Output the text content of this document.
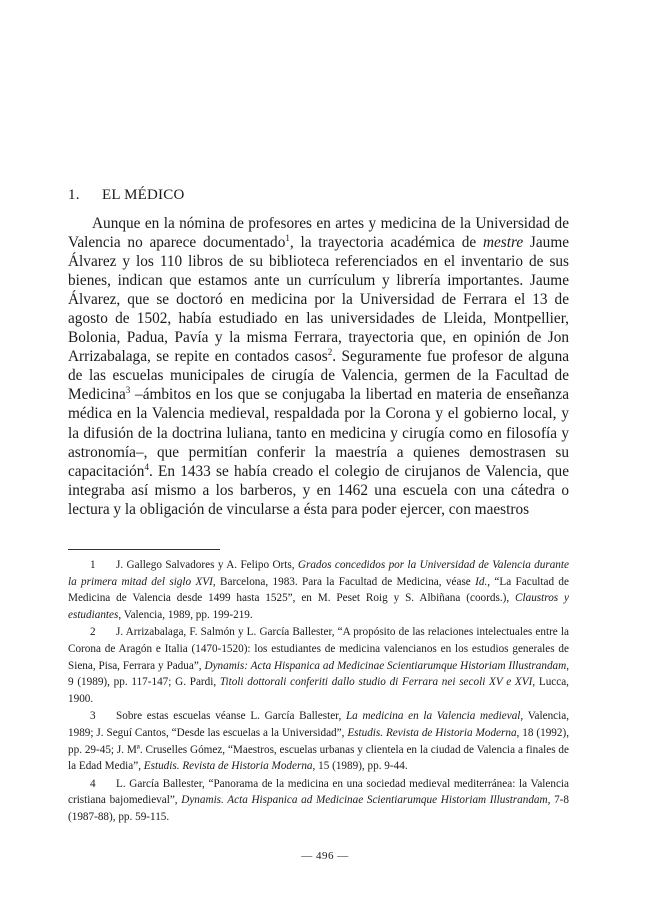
1. EL MÉDICO

Aunque en la nómina de profesores en artes y medicina de la Universidad de Valencia no aparece documentado$^1$, la trayectoria académica de mestre Jaume Álvarez y los 110 libros de su biblioteca referenciados en el inventario de sus bienes, indican que estamos ante un currículum y librería importantes. Jaume Álvarez, que se doctoró en medicina por la Universidad de Ferrara el 13 de agosto de 1502, había estudiado en las universidades de Lleida, Montpellier, Bolonia, Padua, Pavía y la misma Ferrara, trayectoria que, en opinión de Jon Arrizabalaga, se repite en contados casos$^2$. Seguramente fue profesor de alguna de las escuelas municipales de cirugía de Valencia, germen de la Facultad de Medicina$^3$ –ámbitos en los que se conjugaba la libertad en materia de enseñanza médica en la Valencia medieval, respaldada por la Corona y el gobierno local, y la difusión de la doctrina luliana, tanto en medicina y cirugía como en filosofía y astronomía–, que permitían conferir la maestría a quienes demostrasen su capacitación$^4$. En 1433 se había creado el colegio de cirujanos de Valencia, que integraba así mismo a los barberos, y en 1462 una escuela con una cátedra o lectura y la obligación de vincularse a ésta para poder ejercer, con maestros

1 J. Gallego Salvadores y A. Felipo Orts, Grados concedidos por la Universidad de Valencia durante la primera mitad del siglo XVI, Barcelona, 1983. Para la Facultad de Medicina, véase Id., “La Facultad de Medicina de Valencia desde 1499 hasta 1525”, en M. Peset Roig y S. Albiñana (coords.), Claustros y estudiantes, Valencia, 1989, pp. 199-219.

2 J. Arrizabalaga, F. Salmón y L. García Ballester, “A propósito de las relaciones intelectuales entre la Corona de Aragón e Italia (1470-1520): los estudiantes de medicina valencianos en los estudios generales de Siena, Pisa, Ferrara y Padua”, Dynamis: Acta Hispanica ad Medicinae Scientiarumque Historiam Illustrandam, 9 (1989), pp. 117-147; G. Pardi, Titoli dottorali conferiti dallo studio di Ferrara nei secoli XV e XVI, Lucca, 1900.

3 Sobre estas escuelas véanse L. García Ballester, La medicina en la Valencia medieval, Valencia, 1989; J. Seguí Cantos, “Desde las escuelas a la Universidad”, Estudis. Revista de Historia Moderna, 18 (1992), pp. 29-45; J. Mª. Cruselles Gómez, “Maestros, escuelas urbanas y clientela en la ciudad de Valencia a finales de la Edad Media”, Estudis. Revista de Historia Moderna, 15 (1989), pp. 9-44.

4 L. García Ballester, “Panorama de la medicina en una sociedad medieval mediterránea: la Valencia cristiana bajomedieval”, Dynamis. Acta Hispanica ad Medicinae Scientiarumque Historiam Illustrandam, 7-8 (1987-88), pp. 59-115.

— 496 —
